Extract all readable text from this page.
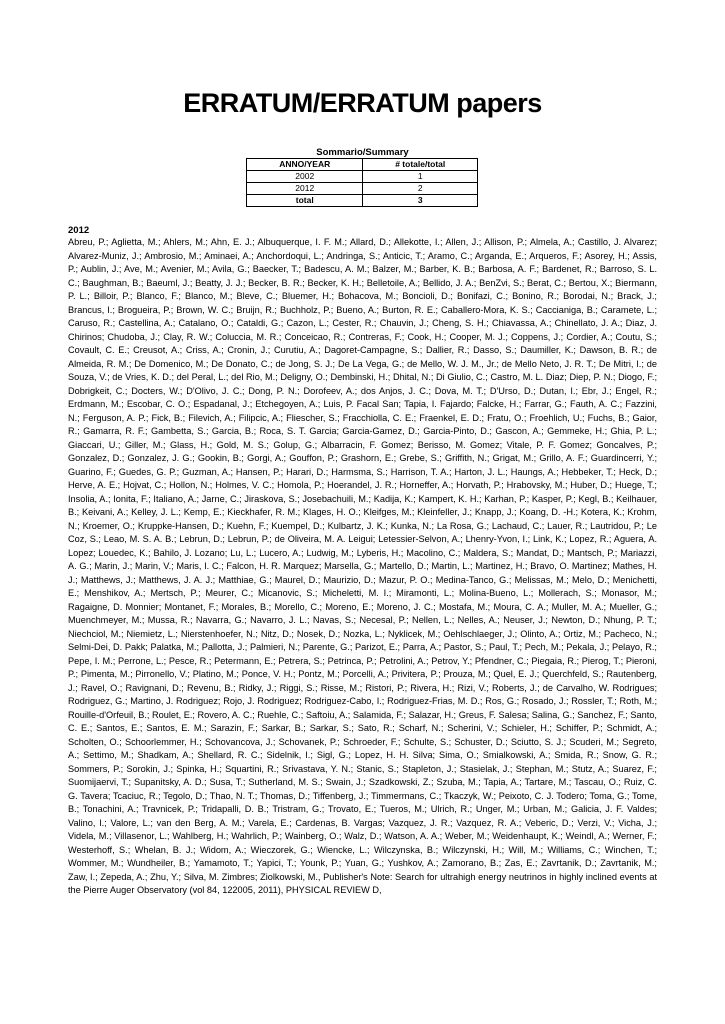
ERRATUM/ERRATUM papers
Sommario/Summary
ANNO/YEAR	# totale/total
2002	1
2012	2
total	3
2012
Abreu, P.; Aglietta, M.; Ahlers, M.; Ahn, E. J.; Albuquerque, I. F. M.; Allard, D.; Allekotte, I.; Allen, J.; Allison, P.; Almela, A.; Castillo, J. Alvarez; Alvarez-Muniz, J.; Ambrosio, M.; Aminaei, A.; Anchordoqui, L.; Andringa, S.; Anticic, T.; Aramo, C.; Arganda, E.; Arqueros, F.; Asorey, H.; Assis, P.; Aublin, J.; Ave, M.; Avenier, M.; Avila, G.; Baecker, T.; Badescu, A. M.; Balzer, M.; Barber, K. B.; Barbosa, A. F.; Bardenet, R.; Barroso, S. L. C.; Baughman, B.; Baeuml, J.; Beatty, J. J.; Becker, B. R.; Becker, K. H.; Belletoile, A.; Bellido, J. A.; BenZvi, S.; Berat, C.; Bertou, X.; Biermann, P. L.; Billoir, P.; Blanco, F.; Blanco, M.; Bleve, C.; Bluemer, H.; Bohacova, M.; Boncioli, D.; Bonifazi, C.; Bonino, R.; Borodai, N.; Brack, J.; Brancus, I.; Brogueira, P.; Brown, W. C.; Bruijn, R.; Buchholz, P.; Bueno, A.; Burton, R. E.; Caballero-Mora, K. S.; Caccianiga, B.; Caramete, L.; Caruso, R.; Castellina, A.; Catalano, O.; Cataldi, G.; Cazon, L.; Cester, R.; Chauvin, J.; Cheng, S. H.; Chiavassa, A.; Chinellato, J. A.; Diaz, J. Chirinos; Chudoba, J.; Clay, R. W.; Coluccia, M. R.; Conceicao, R.; Contreras, F.; Cook, H.; Cooper, M. J.; Coppens, J.; Cordier, A.; Coutu, S.; Covault, C. E.; Creusot, A.; Criss, A.; Cronin, J.; Curutiu, A.; Dagoret-Campagne, S.; Dallier, R.; Dasso, S.; Daumiller, K.; Dawson, B. R.; de Almeida, R. M.; De Domenico, M.; De Donato, C.; de Jong, S. J.; De La Vega, G.; de Mello, W. J. M., Jr.; de Mello Neto, J. R. T.; De Mitri, I.; de Souza, V.; de Vries, K. D.; del Peral, L.; del Rio, M.; Deligny, O.; Dembinski, H.; Dhital, N.; Di Giulio, C.; Castro, M. L. Diaz; Diep, P. N.; Diogo, F.; Dobrigkeit, C.; Docters, W.; D'Olivo, J. C.; Dong, P. N.; Dorofeev, A.; dos Anjos, J. C.; Dova, M. T.; D'Urso, D.; Dutan, I.; Ebr, J.; Engel, R.; Erdmann, M.; Escobar, C. O.; Espadanal, J.; Etchegoyen, A.; Luis, P. Facal San; Tapia, I. Fajardo; Falcke, H.; Farrar, G.; Fauth, A. C.; Fazzini, N.; Ferguson, A. P.; Fick, B.; Filevich, A.; Filipcic, A.; Fliescher, S.; Fracchiolla, C. E.; Fraenkel, E. D.; Fratu, O.; Froehlich, U.; Fuchs, B.; Gaior, R.; Gamarra, R. F.; Gambetta, S.; Garcia, B.; Roca, S. T. Garcia; Garcia-Gamez, D.; Garcia-Pinto, D.; Gascon, A.; Gemmeke, H.; Ghia, P. L.; Giaccari, U.; Giller, M.; Glass, H.; Gold, M. S.; Golup, G.; Albarracin, F. Gomez; Berisso, M. Gomez; Vitale, P. F. Gomez; Goncalves, P.; Gonzalez, D.; Gonzalez, J. G.; Gookin, B.; Gorgi, A.; Gouffon, P.; Grashorn, E.; Grebe, S.; Griffith, N.; Grigat, M.; Grillo, A. F.; Guardincerri, Y.; Guarino, F.; Guedes, G. P.; Guzman, A.; Hansen, P.; Harari, D.; Harmsma, S.; Harrison, T. A.; Harton, J. L.; Haungs, A.; Hebbeker, T.; Heck, D.; Herve, A. E.; Hojvat, C.; Hollon, N.; Holmes, V. C.; Homola, P.; Hoerandel, J. R.; Horneffer, A.; Horvath, P.; Hrabovsky, M.; Huber, D.; Huege, T.; Insolia, A.; Ionita, F.; Italiano, A.; Jarne, C.; Jiraskova, S.; Josebachuili, M.; Kadija, K.; Kampert, K. H.; Karhan, P.; Kasper, P.; Kegl, B.; Keilhauer, B.; Keivani, A.; Kelley, J. L.; Kemp, E.; Kieckhafer, R. M.; Klages, H. O.; Kleifges, M.; Kleinfeller, J.; Knapp, J.; Koang, D. -H.; Kotera, K.; Krohm, N.; Kroemer, O.; Kruppke-Hansen, D.; Kuehn, F.; Kuempel, D.; Kulbartz, J. K.; Kunka, N.; La Rosa, G.; Lachaud, C.; Lauer, R.; Lautridou, P.; Le Coz, S.; Leao, M. S. A. B.; Lebrun, D.; Lebrun, P.; de Oliveira, M. A. Leigui; Letessier-Selvon, A.; Lhenry-Yvon, I.; Link, K.; Lopez, R.; Aguera, A. Lopez; Louedec, K.; Bahilo, J. Lozano; Lu, L.; Lucero, A.; Ludwig, M.; Lyberis, H.; Macolino, C.; Maldera, S.; Mandat, D.; Mantsch, P.; Mariazzi, A. G.; Marin, J.; Marin, V.; Maris, I. C.; Falcon, H. R. Marquez; Marsella, G.; Martello, D.; Martin, L.; Martinez, H.; Bravo, O. Martinez; Mathes, H. J.; Matthews, J.; Matthews, J. A. J.; Matthiae, G.; Maurel, D.; Maurizio, D.; Mazur, P. O.; Medina-Tanco, G.; Melissas, M.; Melo, D.; Menichetti, E.; Menshikov, A.; Mertsch, P.; Meurer, C.; Micanovic, S.; Micheletti, M. I.; Miramonti, L.; Molina-Bueno, L.; Mollerach, S.; Monasor, M.; Ragaigne, D. Monnier; Montanet, F.; Morales, B.; Morello, C.; Moreno, E.; Moreno, J. C.; Mostafa, M.; Moura, C. A.; Muller, M. A.; Mueller, G.; Muenchmeyer, M.; Mussa, R.; Navarra, G.; Navarro, J. L.; Navas, S.; Necesal, P.; Nellen, L.; Nelles, A.; Neuser, J.; Newton, D.; Nhung, P. T.; Niechciol, M.; Niemietz, L.; Nierstenhoefer, N.; Nitz, D.; Nosek, D.; Nozka, L.; Nyklicek, M.; Oehlschlaeger, J.; Olinto, A.; Ortiz, M.; Pacheco, N.; Selmi-Dei, D. Pakk; Palatka, M.; Pallotta, J.; Palmieri, N.; Parente, G.; Parizot, E.; Parra, A.; Pastor, S.; Paul, T.; Pech, M.; Pekala, J.; Pelayo, R.; Pepe, I. M.; Perrone, L.; Pesce, R.; Petermann, E.; Petrera, S.; Petrinca, P.; Petrolini, A.; Petrov, Y.; Pfendner, C.; Piegaia, R.; Pierog, T.; Pieroni, P.; Pimenta, M.; Pirronello, V.; Platino, M.; Ponce, V. H.; Pontz, M.; Porcelli, A.; Privitera, P.; Prouza, M.; Quel, E. J.; Querchfeld, S.; Rautenberg, J.; Ravel, O.; Ravignani, D.; Revenu, B.; Ridky, J.; Riggi, S.; Risse, M.; Ristori, P.; Rivera, H.; Rizi, V.; Roberts, J.; de Carvalho, W. Rodrigues; Rodriguez, G.; Martino, J. Rodriguez; Rojo, J. Rodriguez; Rodriguez-Cabo, I.; Rodriguez-Frias, M. D.; Ros, G.; Rosado, J.; Rossler, T.; Roth, M.; Rouille-d'Orfeuil, B.; Roulet, E.; Rovero, A. C.; Ruehle, C.; Saftoiu, A.; Salamida, F.; Salazar, H.; Greus, F. Salesa; Salina, G.; Sanchez, F.; Santo, C. E.; Santos, E.; Santos, E. M.; Sarazin, F.; Sarkar, B.; Sarkar, S.; Sato, R.; Scharf, N.; Scherini, V.; Schieler, H.; Schiffer, P.; Schmidt, A.; Scholten, O.; Schoorlemmer, H.; Schovancova, J.; Schovanek, P.; Schroeder, F.; Schulte, S.; Schuster, D.; Sciutto, S. J.; Scuderi, M.; Segreto, A.; Settimo, M.; Shadkam, A.; Shellard, R. C.; Sidelnik, I.; Sigl, G.; Lopez, H. H. Silva; Sima, O.; Smialkowski, A.; Smida, R.; Snow, G. R.; Sommers, P.; Sorokin, J.; Spinka, H.; Squartini, R.; Srivastava, Y. N.; Stanic, S.; Stapleton, J.; Stasielak, J.; Stephan, M.; Stutz, A.; Suarez, F.; Suomijaervi, T.; Supanitsky, A. D.; Susa, T.; Sutherland, M. S.; Swain, J.; Szadkowski, Z.; Szuba, M.; Tapia, A.; Tartare, M.; Tascau, O.; Ruiz, C. G. Tavera; Tcaciuc, R.; Tegolo, D.; Thao, N. T.; Thomas, D.; Tiffenberg, J.; Timmermans, C.; Tkaczyk, W.; Peixoto, C. J. Todero; Toma, G.; Tome, B.; Tonachini, A.; Travnicek, P.; Tridapalli, D. B.; Tristram, G.; Trovato, E.; Tueros, M.; Ulrich, R.; Unger, M.; Urban, M.; Galicia, J. F. Valdes; Valino, I.; Valore, L.; van den Berg, A. M.; Varela, E.; Cardenas, B. Vargas; Vazquez, J. R.; Vazquez, R. A.; Veberic, D.; Verzi, V.; Vicha, J.; Videla, M.; Villasenor, L.; Wahlberg, H.; Wahrlich, P.; Wainberg, O.; Walz, D.; Watson, A. A.; Weber, M.; Weidenhaupt, K.; Weindl, A.; Werner, F.; Westerhoff, S.; Whelan, B. J.; Widom, A.; Wieczorek, G.; Wiencke, L.; Wilczynska, B.; Wilczynski, H.; Will, M.; Williams, C.; Winchen, T.; Wommer, M.; Wundheiler, B.; Yamamoto, T.; Yapici, T.; Younk, P.; Yuan, G.; Yushkov, A.; Zamorano, B.; Zas, E.; Zavrtanik, D.; Zavrtanik, M.; Zaw, I.; Zepeda, A.; Zhu, Y.; Silva, M. Zimbres; Ziolkowski, M., Publisher's Note: Search for ultrahigh energy neutrinos in highly inclined events at the Pierre Auger Observatory (vol 84, 122005, 2011), PHYSICAL REVIEW D,
